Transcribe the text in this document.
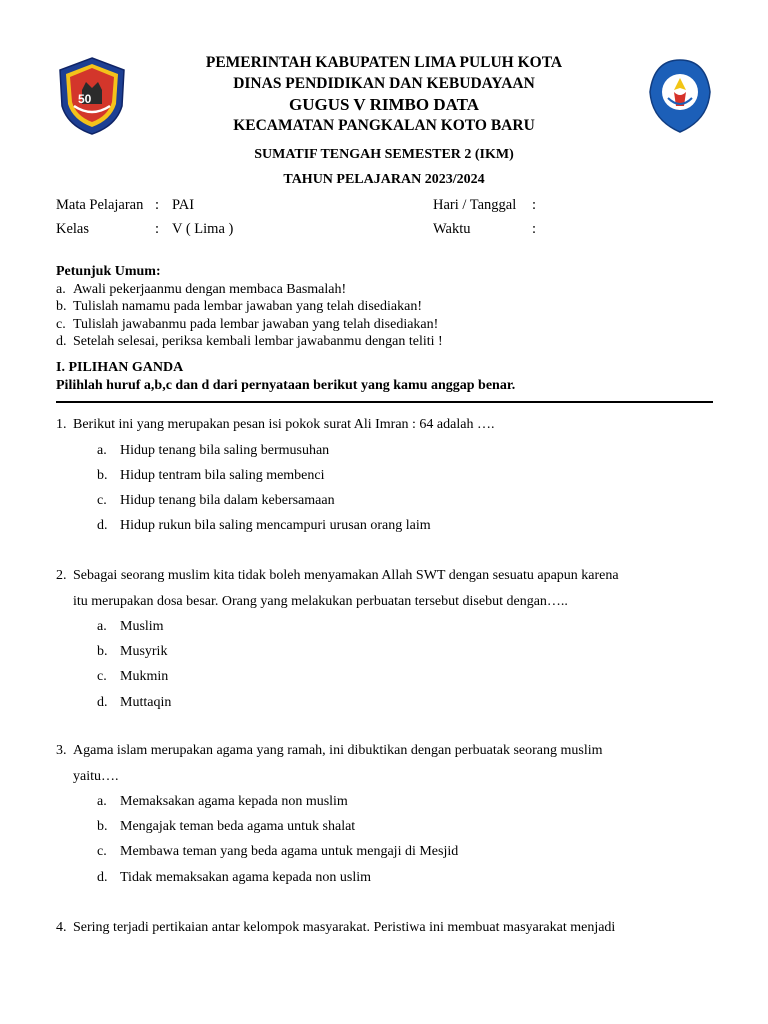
50
PEMERINTAH KABUPATEN LIMA PULUH KOTA
DINAS PENDIDIKAN DAN KEBUDAYAAN
GUGUS V RIMBO DATA
KECAMATAN PANGKALAN KOTO BARU
SUMATIF TENGAH SEMESTER 2 (IKM)
TAHUN PELAJARAN 2023/2024
Mata Pelajaran : PAI	Hari / Tanggal :
Kelas	: V ( Lima )	Waktu	:
Petunjuk Umum:
a. Awali pekerjaanmu dengan membaca Basmalah!
b. Tulislah namamu pada lembar jawaban yang telah disediakan!
c. Tulislah jawabanmu pada lembar jawaban yang telah disediakan!
d. Setelah selesai, periksa kembali lembar jawabanmu dengan teliti !
I. PILIHAN GANDA
Pilihlah huruf a,b,c dan d dari pernyataan berikut yang kamu anggap benar.
1. Berikut ini yang merupakan pesan isi pokok surat Ali Imran : 64 adalah ….
a. Hidup tenang bila saling bermusuhan
b. Hidup tentram bila saling membenci
c. Hidup tenang bila dalam kebersamaan
d. Hidup rukun bila saling mencampuri urusan orang laim
2. Sebagai seorang muslim kita tidak boleh menyamakan Allah SWT dengan sesuatu apapun karena
itu merupakan dosa besar. Orang yang melakukan perbuatan tersebut disebut dengan…..
a. Muslim
b. Musyrik
c. Mukmin
d. Muttaqin
3. Agama islam merupakan agama yang ramah, ini dibuktikan dengan perbuatak seorang muslim
yaitu….
a. Memaksakan agama kepada non muslim
b. Mengajak teman beda agama untuk shalat
c. Membawa teman yang beda agama untuk mengaji di Mesjid
d. Tidak memaksakan agama kepada non uslim
4. Sering terjadi pertikaian antar kelompok masyarakat. Peristiwa ini membuat masyarakat menjadi
